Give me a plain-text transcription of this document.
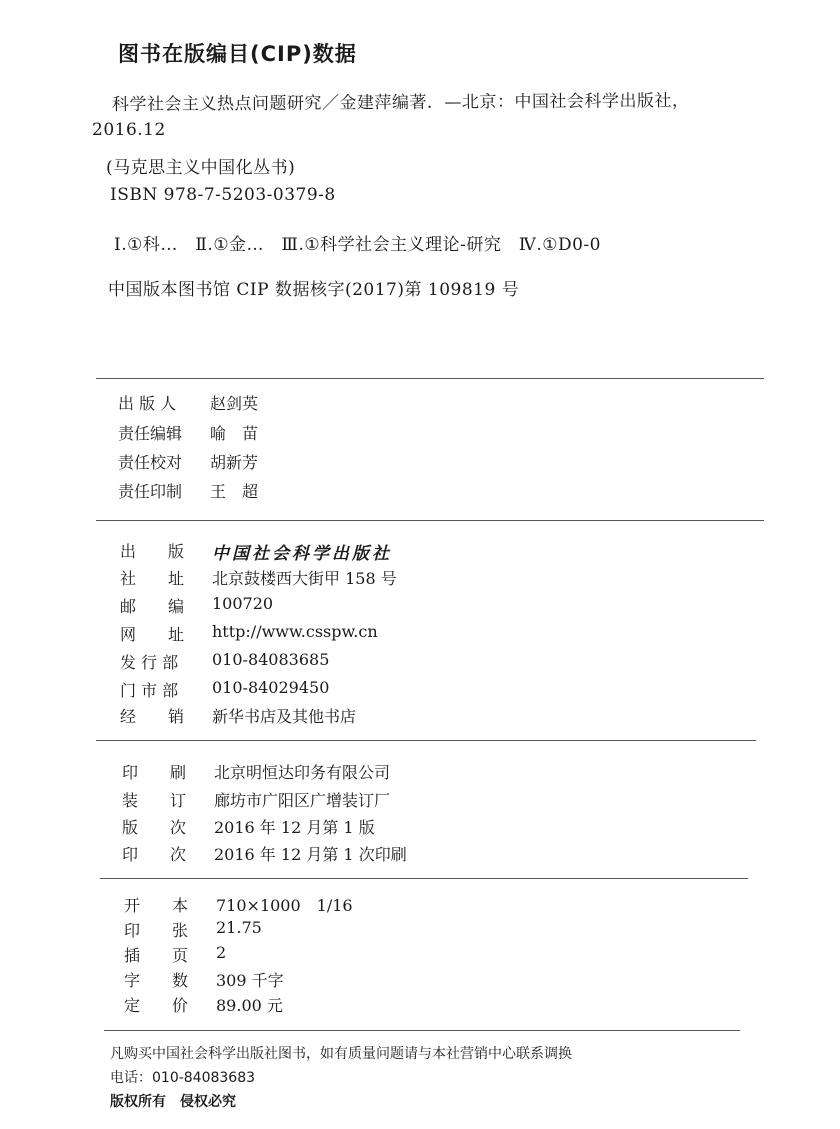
图书在版编目(CIP)数据
科学社会主义热点问题研究／金建萍编著．—北京：中国社会科学出版社，
2016.12
(马克思主义中国化丛书)
ISBN 978-7-5203-0379-8
Ⅰ.①科…　Ⅱ.①金…　Ⅲ.①科学社会主义理论-研究　Ⅳ.①D0-0
中国版本图书馆 CIP 数据核字(2017)第 109819 号
出 版 人 赵剑英
责任编辑 喻　苗
责任校对 胡新芳
责任印制 王　超
出　　版 中国社会科学出版社
社　　址 北京鼓楼西大街甲 158 号
邮　　编 100720
网　　址 http://www.csspw.cn
发 行 部 010-84083685
门 市 部 010-84029450
经　　销 新华书店及其他书店
印　　刷 北京明恒达印务有限公司
装　　订 廊坊市广阳区广增装订厂
版　　次 2016 年 12 月第 1 版
印　　次 2016 年 12 月第 1 次印刷
开　　本 710×1000　1/16
印　　张 21.75
插　　页 2
字　　数 309 千字
定　　价 89.00 元
凡购买中国社会科学出版社图书，如有质量问题请与本社营销中心联系调换
电话：010-84083683
版权所有　侵权必究
